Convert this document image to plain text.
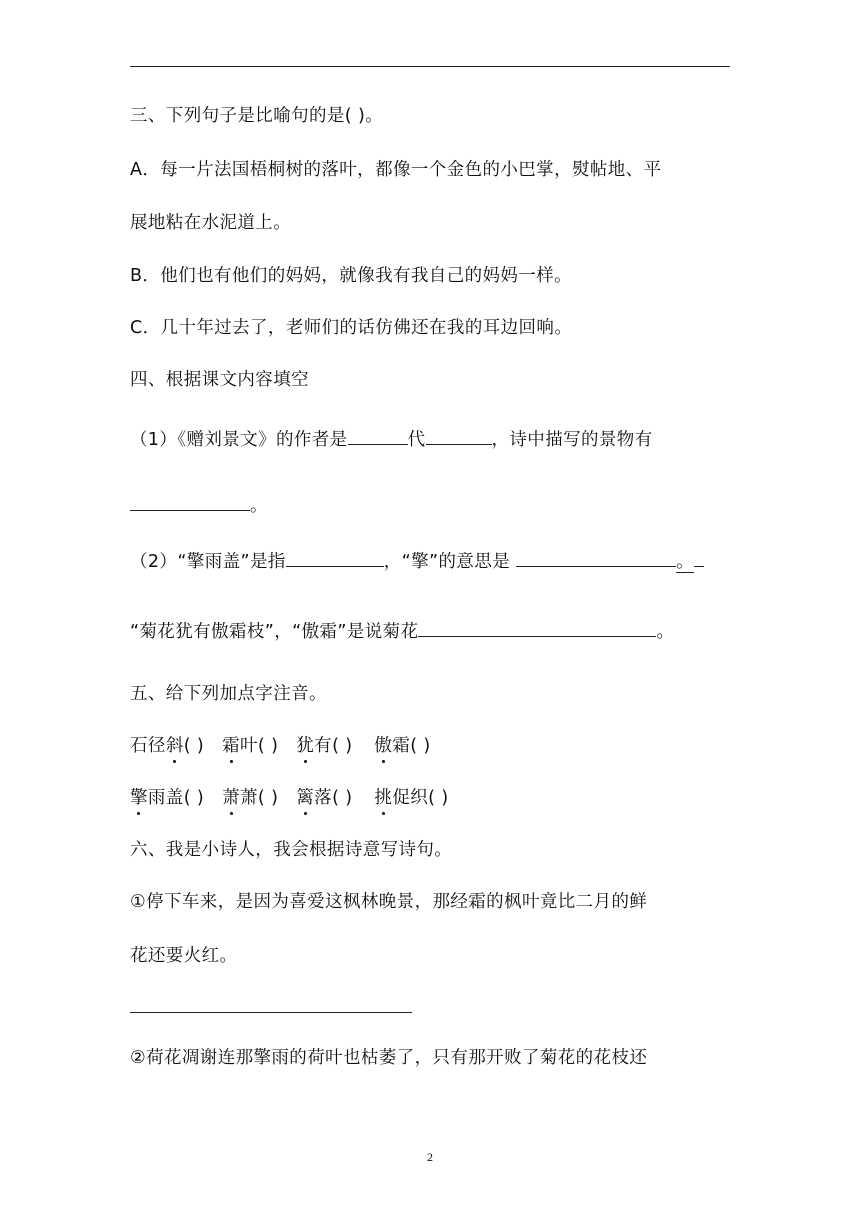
三、下列句子是比喻句的是( )。
A．每一片法国梧桐树的落叶，都像一个金色的小巴掌，熨帖地、平
展地粘在水泥道上。
B．他们也有他们的妈妈，就像我有我自己的妈妈一样。
C．几十年过去了，老师们的话仿佛还在我的耳边回响。
四、根据课文内容填空
（1）《赠刘景文》的作者是	代	，诗中描写的景物有
。
（2）“擎雨盖”是指	，“擎”的意思是	。
“菊花犹有傲霜枝”，“傲霜”是说菊花	。
五、给下列加点字注音。
石径斜( ) 霜叶( ) 犹有( ) 傲霜( )
擎雨盖( ) 萧萧( ) 篱落( ) 挑促织( )
六、我是小诗人，我会根据诗意写诗句。
①停下车来，是因为喜爱这枫林晚景，那经霜的枫叶竟比二月的鲜
花还要火红。
②荷花凋谢连那擎雨的荷叶也枯萎了，只有那开败了菊花的花枝还
2
